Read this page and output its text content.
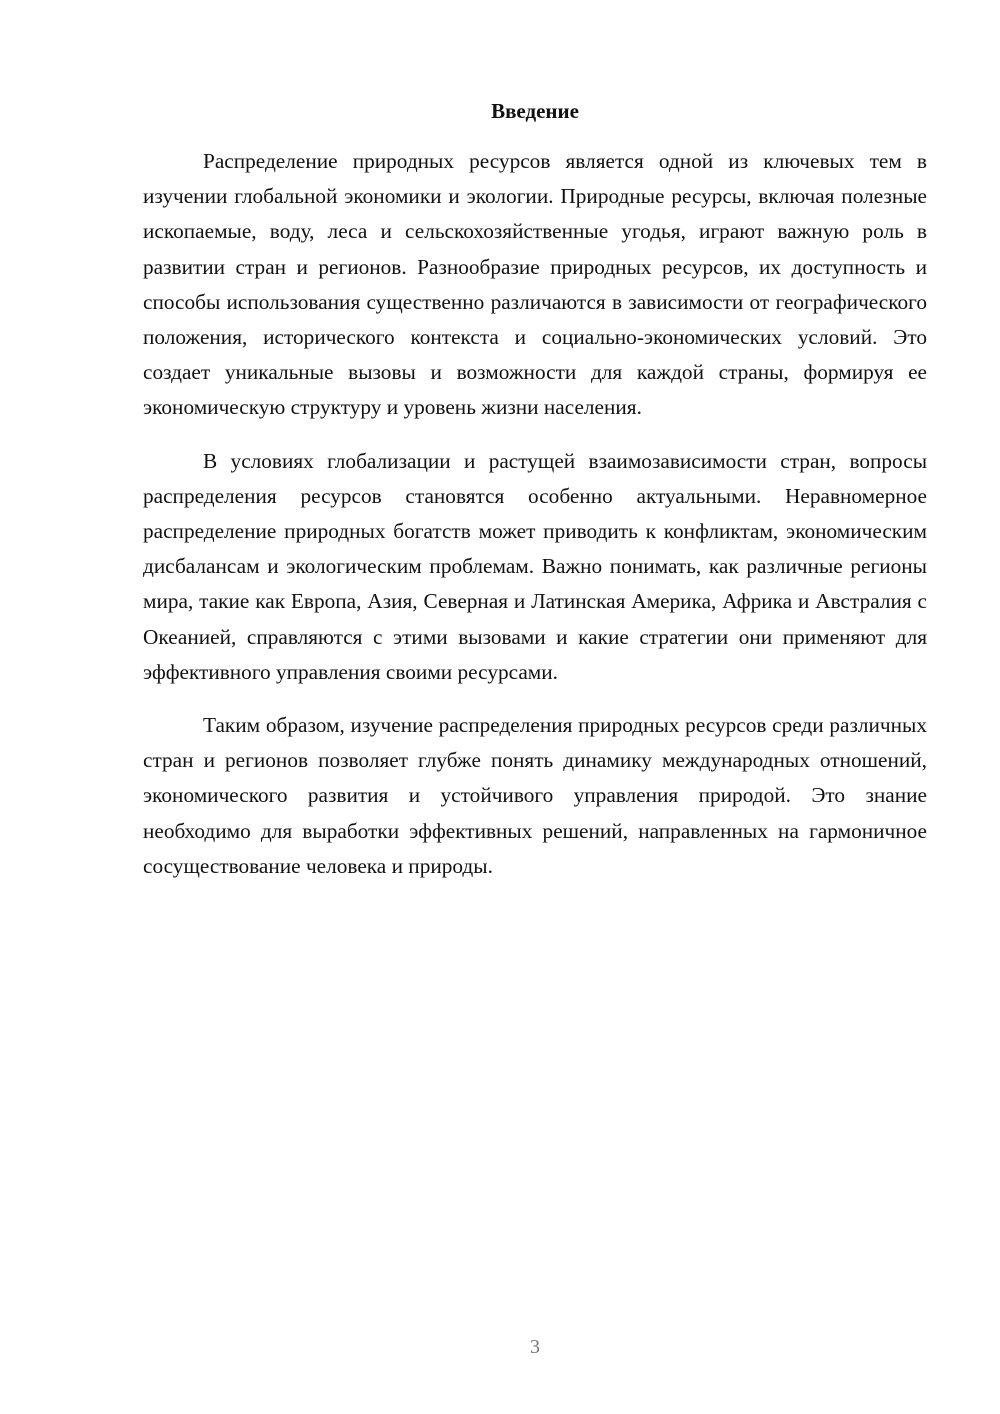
Введение

Распределение природных ресурсов является одной из ключевых тем в изучении глобальной экономики и экологии. Природные ресурсы, включая полезные ископаемые, воду, леса и сельскохозяйственные угодья, играют важную роль в развитии стран и регионов. Разнообразие природных ресурсов, их доступность и способы использования существенно различаются в зависимости от географического положения, исторического контекста и социально-экономических условий. Это создает уникальные вызовы и возможности для каждой страны, формируя ее экономическую структуру и уровень жизни населения.

В условиях глобализации и растущей взаимозависимости стран, вопросы распределения ресурсов становятся особенно актуальными. Неравномерное распределение природных богатств может приводить к конфликтам, экономическим дисбалансам и экологическим проблемам. Важно понимать, как различные регионы мира, такие как Европа, Азия, Северная и Латинская Америка, Африка и Австралия с Океанией, справляются с этими вызовами и какие стратегии они применяют для эффективного управления своими ресурсами.

Таким образом, изучение распределения природных ресурсов среди различных стран и регионов позволяет глубже понять динамику международных отношений, экономического развития и устойчивого управления природой. Это знание необходимо для выработки эффективных решений, направленных на гармоничное сосуществование человека и природы.

3
